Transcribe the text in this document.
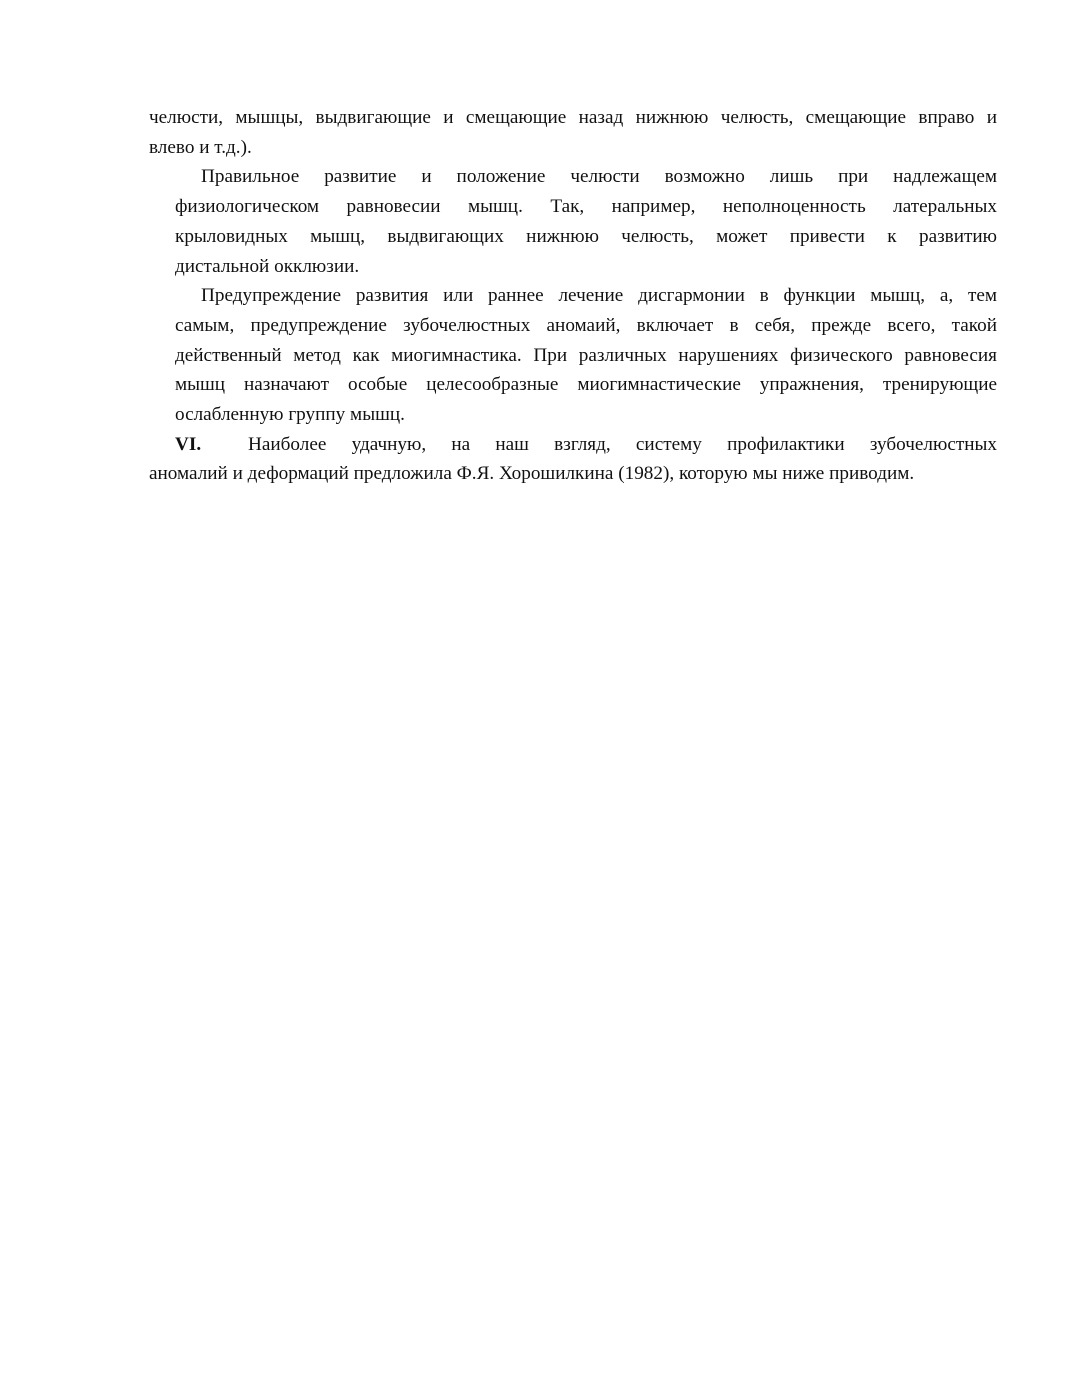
челюсти, мышцы, выдвигающие и смещающие назад нижнюю челюсть, смещающие вправо и
влево и т.д.).
Правильное развитие и положение челюсти возможно лишь при надлежащем
физиологическом равновесии мышц. Так, например, неполноценность латеральных
крыловидных мышц, выдвигающих нижнюю челюсть, может привести к развитию
дистальной окклюзии.
Предупреждение развития или раннее лечение дисгармонии в функции мышц, а, тем
самым, предупреждение зубочелюстных аномаий, включает в себя, прежде всего, такой
действенный метод как миогимнастика. При различных нарушениях физического равновесия
мышц назначают особые целесообразные миогимнастические упражнения, тренирующие
ослабленную группу мышц.
VI.	Наиболее удачную, на наш взгляд, систему профилактики зубочелюстных
аномалий и деформаций предложила Ф.Я. Хорошилкина (1982), которую мы ниже приводим.
